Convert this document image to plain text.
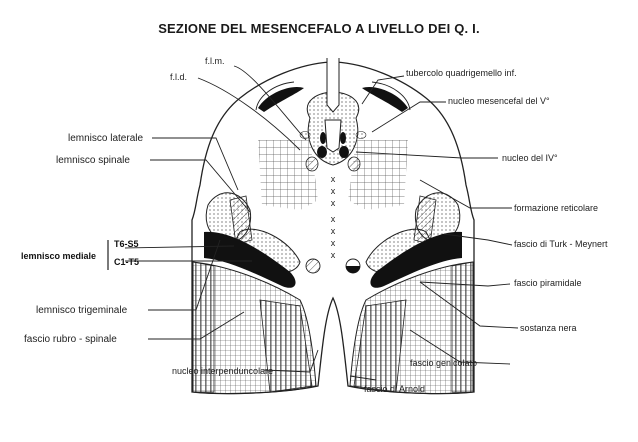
SEZIONE DEL MESENCEFALO A LIVELLO DEI Q. I.
x
x
x
x
x
x
x
f.l.m.
f.l.d.	tubercolo quadrigemello inf.
nucleo mesencefal del V°
lemnisco laterale
lemnisco spinale	nucleo del IV°
formazione reticolare
fascio di Turk - Meynert
T6-S5
C1-T5
lemnisco mediale
fascio piramidale
lemnisco trigeminale
sostanza nera
fascio rubro - spinale
fascio genicolato
nucleo interpenduncolare
fascio di Arnold
